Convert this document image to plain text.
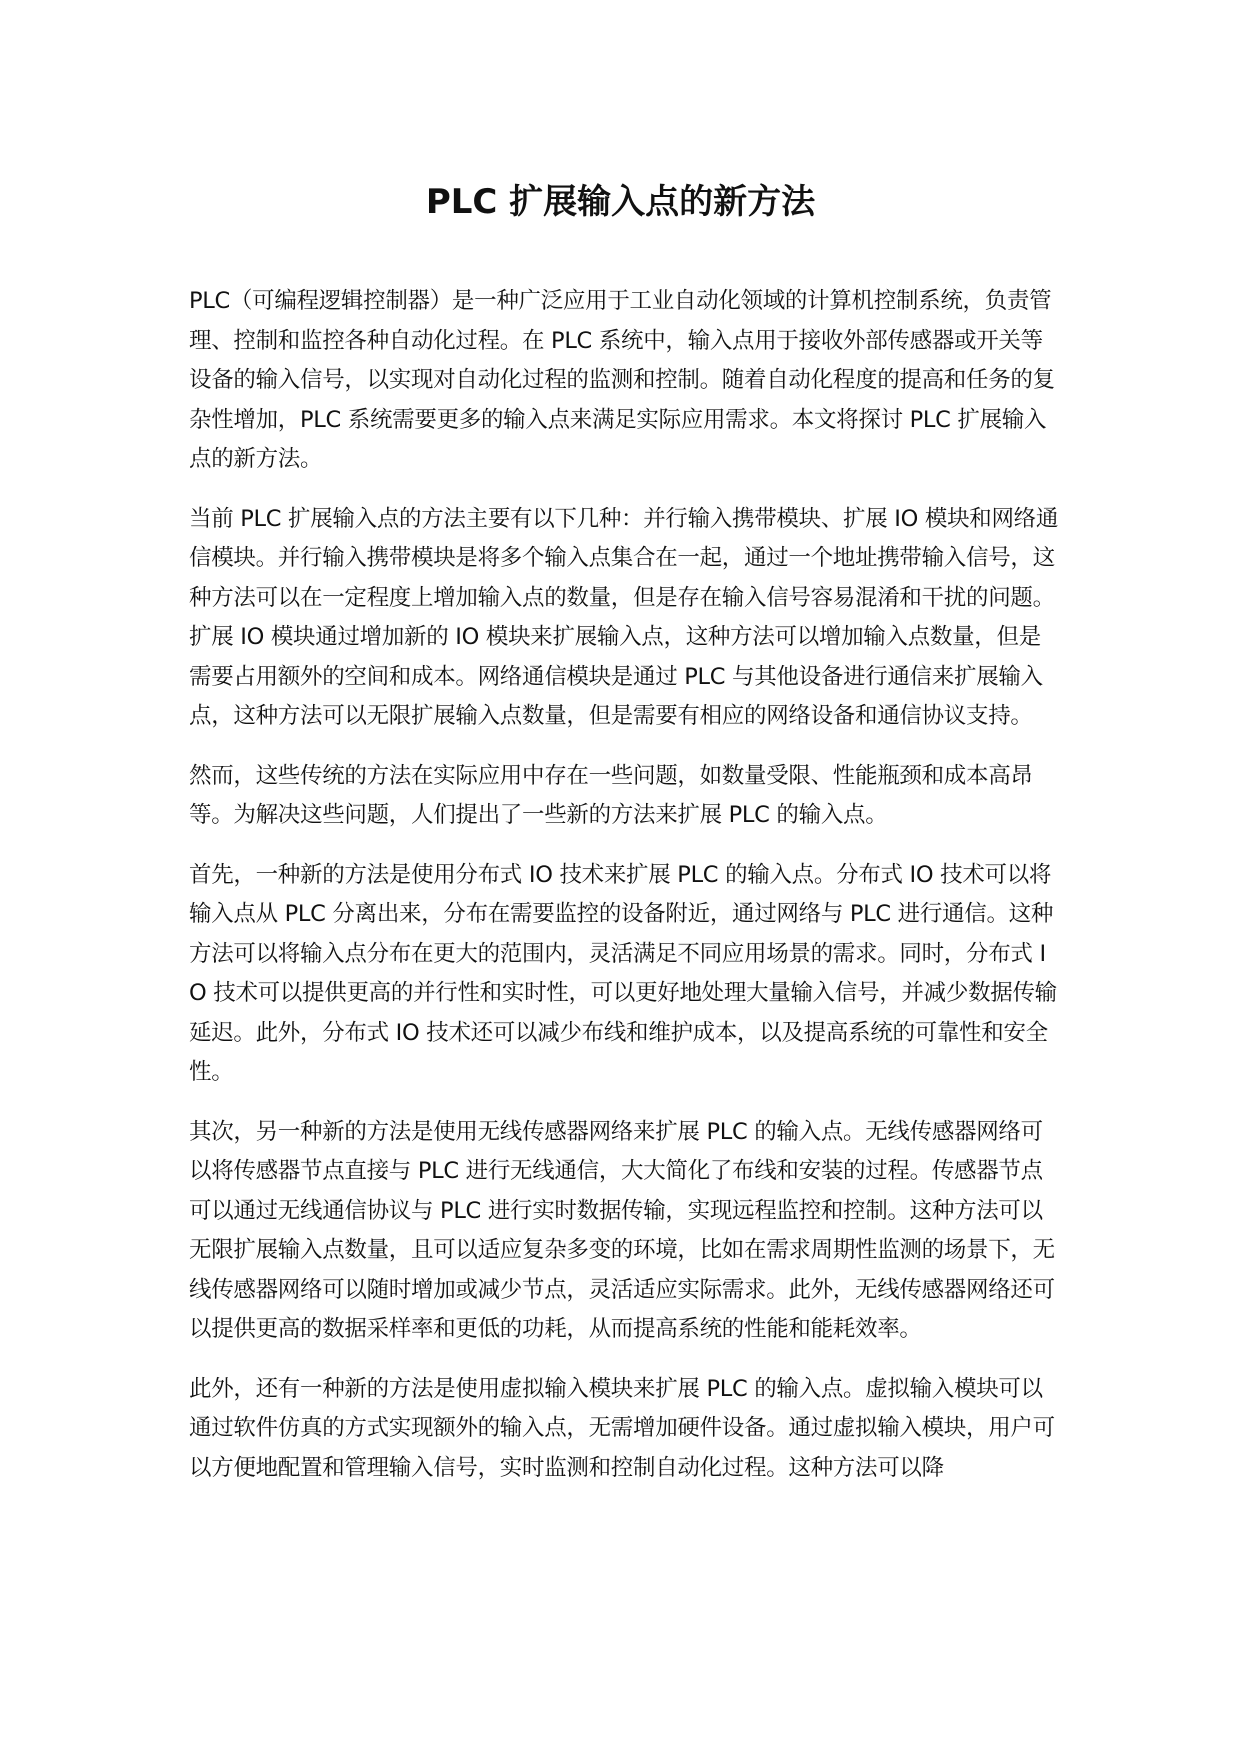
PLC 扩展输入点的新方法

PLC（可编程逻辑控制器）是一种广泛应用于工业自动化领域的计算机控制系统，负责管理、控制和监控各种自动化过程。在 PLC 系统中，输入点用于接收外部传感器或开关等设备的输入信号，以实现对自动化过程的监测和控制。随着自动化程度的提高和任务的复杂性增加，PLC 系统需要更多的输入点来满足实际应用需求。本文将探讨 PLC 扩展输入点的新方法。

当前 PLC 扩展输入点的方法主要有以下几种：并行输入携带模块、扩展 IO 模块和网络通信模块。并行输入携带模块是将多个输入点集合在一起，通过一个地址携带输入信号，这种方法可以在一定程度上增加输入点的数量，但是存在输入信号容易混淆和干扰的问题。扩展 IO 模块通过增加新的 IO 模块来扩展输入点，这种方法可以增加输入点数量，但是需要占用额外的空间和成本。网络通信模块是通过 PLC 与其他设备进行通信来扩展输入点，这种方法可以无限扩展输入点数量，但是需要有相应的网络设备和通信协议支持。

然而，这些传统的方法在实际应用中存在一些问题，如数量受限、性能瓶颈和成本高昂等。为解决这些问题，人们提出了一些新的方法来扩展 PLC 的输入点。

首先，一种新的方法是使用分布式 IO 技术来扩展 PLC 的输入点。分布式 IO 技术可以将输入点从 PLC 分离出来，分布在需要监控的设备附近，通过网络与 PLC 进行通信。这种方法可以将输入点分布在更大的范围内，灵活满足不同应用场景的需求。同时，分布式 IO 技术可以提供更高的并行性和实时性，可以更好地处理大量输入信号，并减少数据传输延迟。此外，分布式 IO 技术还可以减少布线和维护成本，以及提高系统的可靠性和安全性。

其次，另一种新的方法是使用无线传感器网络来扩展 PLC 的输入点。无线传感器网络可以将传感器节点直接与 PLC 进行无线通信，大大简化了布线和安装的过程。传感器节点可以通过无线通信协议与 PLC 进行实时数据传输，实现远程监控和控制。这种方法可以无限扩展输入点数量，且可以适应复杂多变的环境，比如在需求周期性监测的场景下，无线传感器网络可以随时增加或减少节点，灵活适应实际需求。此外，无线传感器网络还可以提供更高的数据采样率和更低的功耗，从而提高系统的性能和能耗效率。

此外，还有一种新的方法是使用虚拟输入模块来扩展 PLC 的输入点。虚拟输入模块可以通过软件仿真的方式实现额外的输入点，无需增加硬件设备。通过虚拟输入模块，用户可以方便地配置和管理输入信号，实时监测和控制自动化过程。这种方法可以降
